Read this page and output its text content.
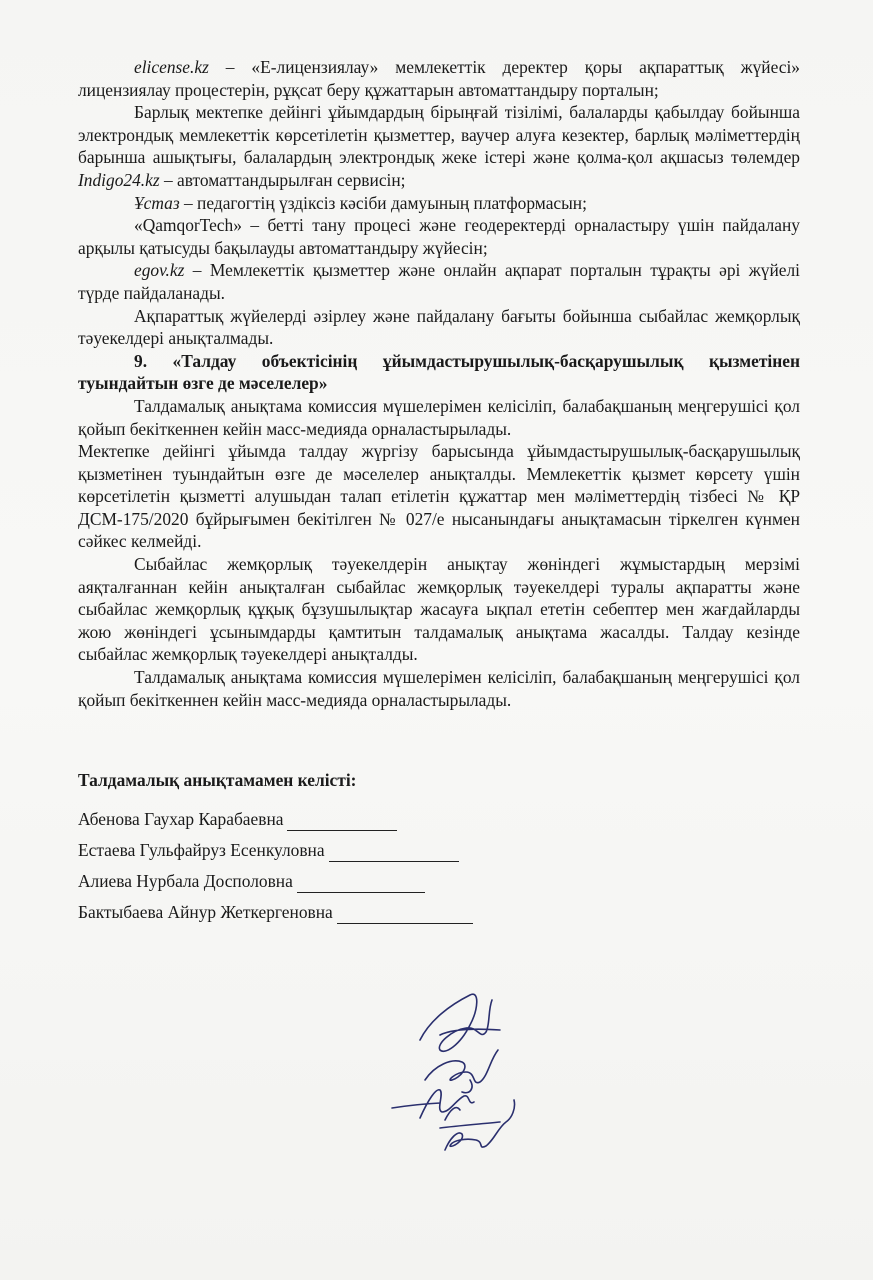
elicense.kz – «Е-лицензиялау» мемлекеттік деректер қоры ақпараттық жүйесі» лицензиялау процестерін, рұқсат беру құжаттарын автоматтандыру порталын;

Барлық мектепке дейінгі ұйымдардың бірыңғай тізілімі, балаларды қабылдау бойынша электрондық мемлекеттік көрсетілетін қызметтер, ваучер алуға кезектер, барлық мәліметтердің барынша ашықтығы, балалардың электрондық жеке істері және қолма-қол ақшасыз төлемдер Indigo24.kz – автоматтандырылған сервисін;

Ұстаз – педагогтің үздіксіз кәсіби дамуының платформасын;

«QamqorTech» – бетті тану процесі және геодеректерді орналастыру үшін пайдалану арқылы қатысуды бақылауды автоматтандыру жүйесін;

egov.kz – Мемлекеттік қызметтер және онлайн ақпарат порталын тұрақты әрі жүйелі түрде пайдаланады.

Ақпараттық жүйелерді әзірлеу және пайдалану бағыты бойынша сыбайлас жемқорлық тәуекелдері анықталмады.

9. «Талдау объектісінің ұйымдастырушылық-басқарушылық қызметінен туындайтын өзге де мәселелер»

Талдамалық анықтама комиссия мүшелерімен келісіліп, балабақшаның меңгерушісі қол қойып бекіткеннен кейін масс-медияда орналастырылады.

Мектепке дейінгі ұйымда талдау жүргізу барысында ұйымдастырушылық-басқарушылық қызметінен туындайтын өзге де мәселелер анықталды. Мемлекеттік қызмет көрсету үшін көрсетілетін қызметті алушыдан талап етілетін құжаттар мен мәліметтердің тізбесі № ҚР ДСМ-175/2020 бұйрығымен бекітілген № 027/е нысанындағы анықтамасын тіркелген күнмен сәйкес келмейді.

Сыбайлас жемқорлық тәуекелдерін анықтау жөніндегі жұмыстардың мерзімі аяқталғаннан кейін анықталған сыбайлас жемқорлық тәуекелдері туралы ақпаратты және сыбайлас жемқорлық құқық бұзушылықтар жасауға ықпал ететін себептер мен жағдайларды жою жөніндегі ұсынымдарды қамтитын талдамалық анықтама жасалды. Талдау кезінде сыбайлас жемқорлық тәуекелдері анықталды.

Талдамалық анықтама комиссия мүшелерімен келісіліп, балабақшаның меңгерушісі қол қойып бекіткеннен кейін масс-медияда орналастырылады.

Талдамалық анықтамамен келісті:
Абенова Гаухар Карабаевна
Естаева Гульфайруз Есенкуловна
Алиева Нурбала Досполовна
Бактыбаева Айнур Жеткергеновна
